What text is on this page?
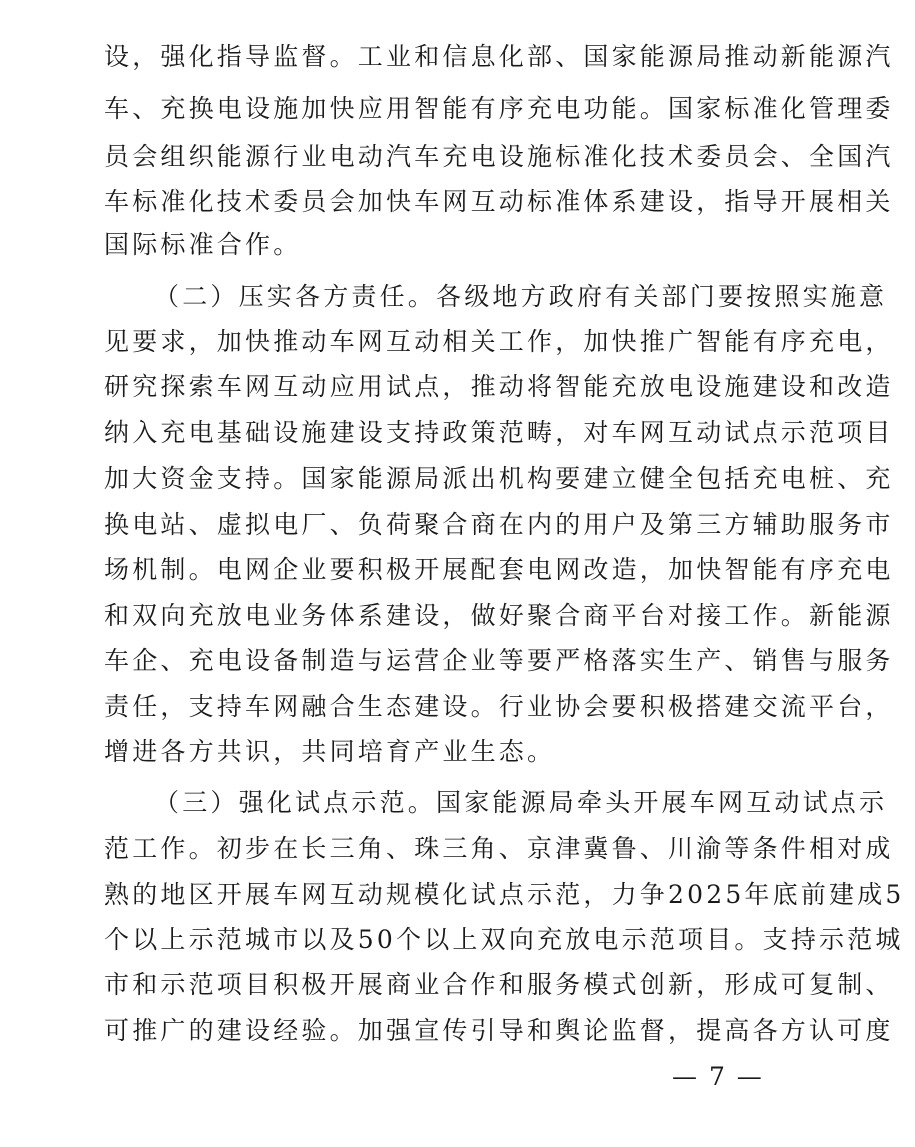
设，强化指导监督。工业和信息化部、国家能源局推动新能源汽
车、充换电设施加快应用智能有序充电功能。国家标准化管理委
员会组织能源行业电动汽车充电设施标准化技术委员会、全国汽
车标准化技术委员会加快车网互动标准体系建设，指导开展相关
国际标准合作。
（二）压实各方责任。各级地方政府有关部门要按照实施意
见要求，加快推动车网互动相关工作，加快推广智能有序充电，
研究探索车网互动应用试点，推动将智能充放电设施建设和改造
纳入充电基础设施建设支持政策范畴，对车网互动试点示范项目
加大资金支持。国家能源局派出机构要建立健全包括充电桩、充
换电站、虚拟电厂、负荷聚合商在内的用户及第三方辅助服务市
场机制。电网企业要积极开展配套电网改造，加快智能有序充电
和双向充放电业务体系建设，做好聚合商平台对接工作。新能源
车企、充电设备制造与运营企业等要严格落实生产、销售与服务
责任，支持车网融合生态建设。行业协会要积极搭建交流平台，
增进各方共识，共同培育产业生态。
（三）强化试点示范。国家能源局牵头开展车网互动试点示
范工作。初步在长三角、珠三角、京津冀鲁、川渝等条件相对成
熟的地区开展车网互动规模化试点示范，力争2025年底前建成5
个以上示范城市以及50个以上双向充放电示范项目。支持示范城
市和示范项目积极开展商业合作和服务模式创新，形成可复制、
可推广的建设经验。加强宣传引导和舆论监督，提高各方认可度
— 7 —
